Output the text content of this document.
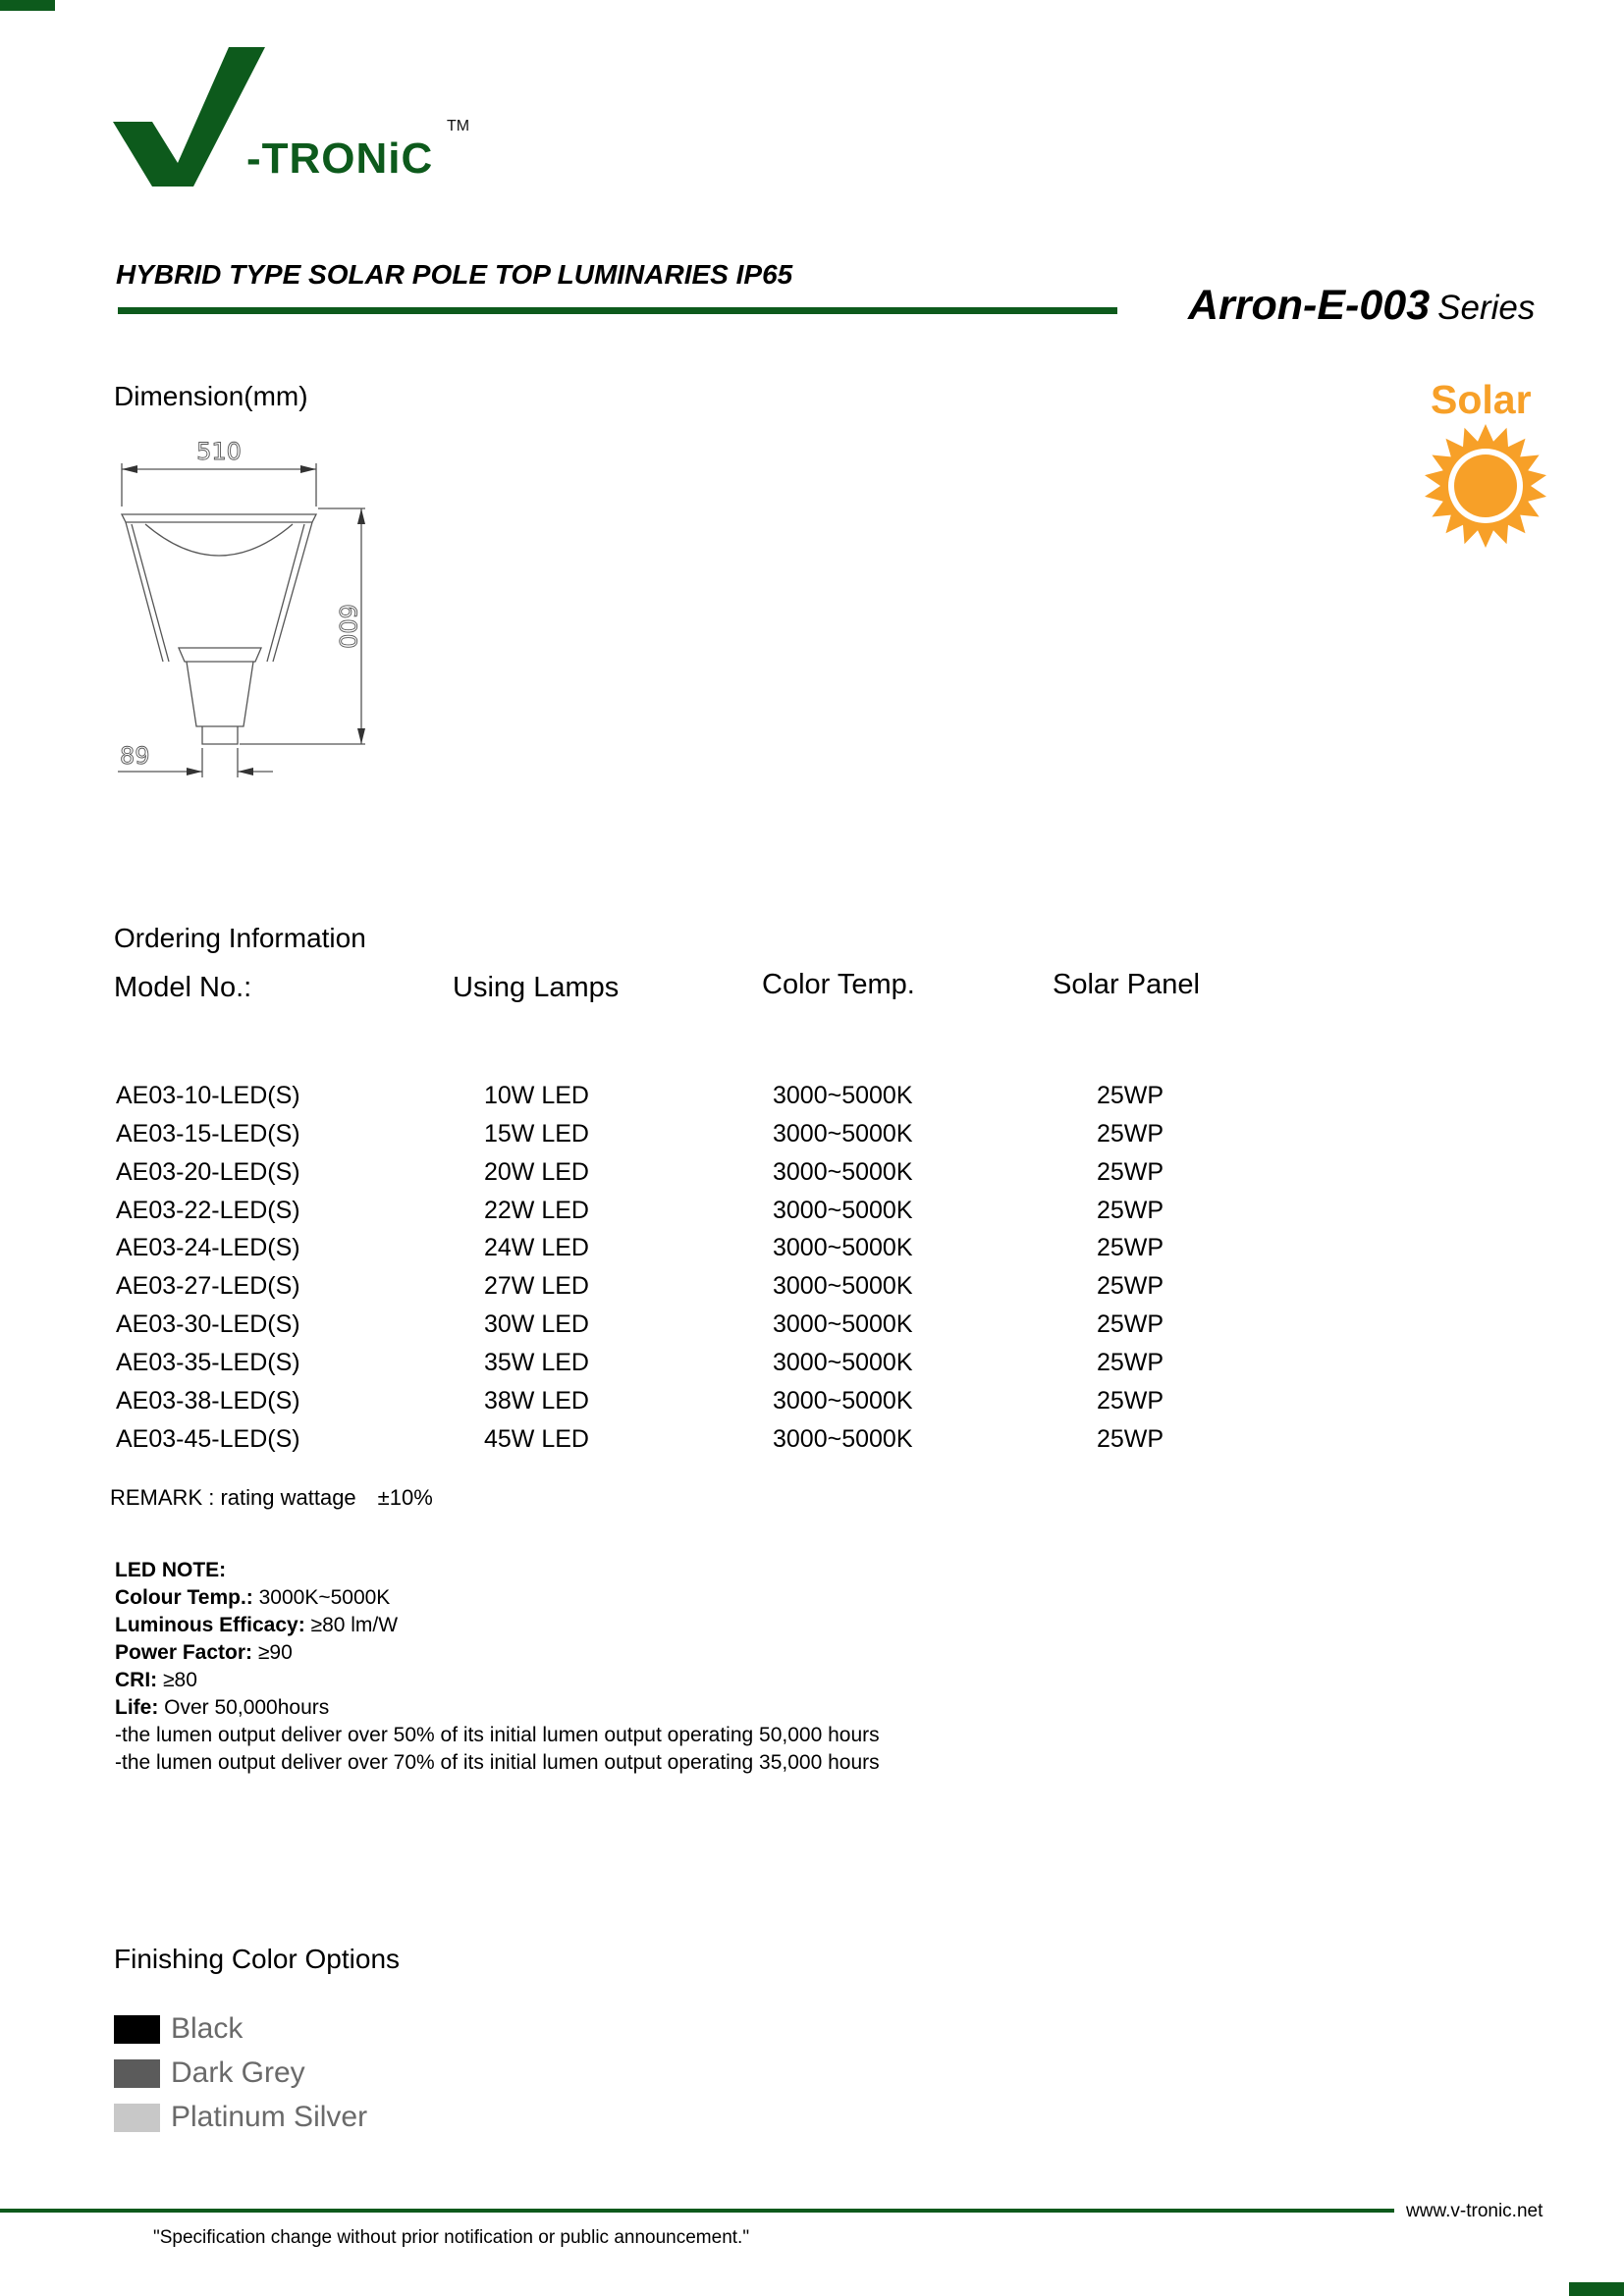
-TRONiC
TM
HYBRID TYPE SOLAR POLE TOP LUMINARIES IP65
Arron-E-003 Series
Dimension(mm)
510
600
89
Solar
Ordering Information
Model No.:	Using Lamps	Color Temp.	Solar Panel
AE03-10-LED(S)	10W LED	3000~5000K	25WP
AE03-15-LED(S)	15W LED	3000~5000K	25WP
AE03-20-LED(S)	20W LED	3000~5000K	25WP
AE03-22-LED(S)	22W LED	3000~5000K	25WP
AE03-24-LED(S)	24W LED	3000~5000K	25WP
AE03-27-LED(S)	27W LED	3000~5000K	25WP
AE03-30-LED(S)	30W LED	3000~5000K	25WP
AE03-35-LED(S)	35W LED	3000~5000K	25WP
AE03-38-LED(S)	38W LED	3000~5000K	25WP
AE03-45-LED(S)	45W LED	3000~5000K	25WP
REMARK : rating wattage ±10%
LED NOTE:
Colour Temp.: 3000K~5000K
Luminous Efficacy: ≥80 lm/W
Power Factor: ≥90
CRI: ≥80
Life: Over 50,000hours
-the lumen output deliver over 50% of its initial lumen output operating 50,000 hours
-the lumen output deliver over 70% of its initial lumen output operating 35,000 hours
Finishing Color Options
Black
Dark Grey
Platinum Silver
www.v-tronic.net
"Specification change without prior notification or public announcement."
